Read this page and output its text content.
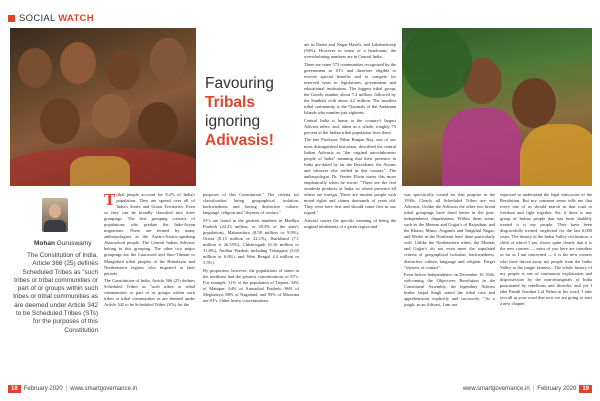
SOCIAL WATCH
Mohan Guruswamy
The Constitution of India, Article 366 (25) defines Scheduled Tribes as "such tribes or tribal communities or part of or groups within such tribes or tribal communities as are deemed under Article 342 to be Scheduled Tribes (STs) for the purposes of this Constitution
Favouring
Tribals
ignoring
Adivasis!

Tribal people account for 8.2% of India's population. They are spread over all of India's States and Union Territories. Even so they can be broadly classified into three groupings. The first grouping consists of populations who predate the Indo-Aryan migrations. These are termed by many anthropologists as the Austro-Asiatic-speaking Austraoloid people. The Central Indian Adivasis belong to this grouping. The other two major groupings are the Caucasoid and Sino-Tibetan or Mongoloid tribal peoples of the Himalayas and Northeastern regions who migrated at later periods.

The Constitution of India, Article 366 (25) defines Scheduled Tribes as "such tribes or tribal communities or part of or groups within such tribes or tribal communities as are deemed under Article 342 to be Scheduled Tribes (STs) for the

purposes of this Constitution." The criteria for classification being geographical isolation, backwardness and having distinctive culture, language, religion and "shyness of contact."

ST's are found in the greatest numbers in Madhya Pradesh (22.23 million, or 20.3% of the state's population), Maharashtra (8.58 million or 9.9%), Orissa (8.15 million or 22.1%), Jharkhand (7.1 million fr 26.55%), Chhattisgarh (6.16 million or 31.8%), Andhra Pradesh including Telangana (5.02 million or 6.6%), and West Bengal 4.4 million or 5.5%).

By proportion, however, the populations of states in the northeast had the greatest concentrations of ST's. For example, 31% of the population of Tripura, 34% of Manipur, 64% of Arunachal Pradesh, 86% of Meghalaya, 88% of Nagaland, and 95% of Mizoram are ST's. Other heavy concentrations

are in Dadra and Nagar Haveli, and Lakshadweep (94%). However in terms of a headcount, the overwhelming numbers are in Central India.

There are some 573 communities recognized by the government as ST's and therefore eligible to receive special benefits and to compete for reserved seats in legislatures, government and educational institutions. The biggest tribal group, the Gonds, number about 7.4 million, followed by the Santhals with about 4.2 million. The smallest tribal community is the Chaimals of the Andaman Islands who number just eighteen.

Central India is home to the country's largest Adivasi tribes, and, taken as a whole, roughly 75 percent of the Indian tribal population lives there.

The late Professor Nihar Ranjan Ray, one of our most distinguished historians, described the central Indian Adivasis as "the original autochthonous people of India" meaning that their presence in India pre-dated by far the Dravidians, the Aryans and whoever else settled in this country". The anthropologist Dr. Verrier Elwin states this more emphatically when he wrote: "These are the real swadeshi products of India, in whose presence all others are foreign. These are ancient people with moral rights and claims thousands of years old. They were here first and should come first in our regard."

Adivasi carries the specific meaning of being the original inhabitants of a given region and

was specifically coined for that purpose in the 1930s. Clearly all Scheduled Tribes are not Adivasis. Unlike the Adivasis the other two broad tribal groupings have fared better in the post-independence dispensation. Within them some, such as the Meenas and Gujjar's of Rajasthan, and the Khasis, Minos, Angamis and Tangkhul Nagas, and Meitei in the Northeast have done particularly well. Unlike the Northeastern tribes, the Meenas and Gujjar's do not even meet the stipulated criteria of geographical isolation, backwardness, distinctive culture, language and religion. Forget "shyness of contact".

Even before Independence on December 16 1946, welcoming the Objectives Resolution in the Constituent Assembly, the legendary Adivasi leader Jaipal Singh stated the tribal case and apprehensions explicitly and succinctly: "As a jungli, as an Adivasi, I am not

expected to understand the legal intricacies of the Resolution. But my common sense tells me that every one of us should march in that road to freedom and fight together. Sir, if there is any group of Indian people that has been shabbily treated it is my people. They have been disgracefully treated, neglected for the last 6,000 years. The history of the Indus Valley civilization, a child of which I am, shows quite clearly that it is the new comers — most of you here are intruders as far as I am concerned — it is the new comers who have driven away my people from the Indus Valley to the jungle fastness...The whole history of my people is one of continuous exploitation and dispossession by the non-aboriginals of India punctuated by rebellions and disorder, and yet I take Pandit Jawahar Lal Nehru at his word. I take you all at your word that now we are going to start a new chapter.

18	February 2020 | www.smartgovernance.in	www.smartgovernance.in | February 2020	19
